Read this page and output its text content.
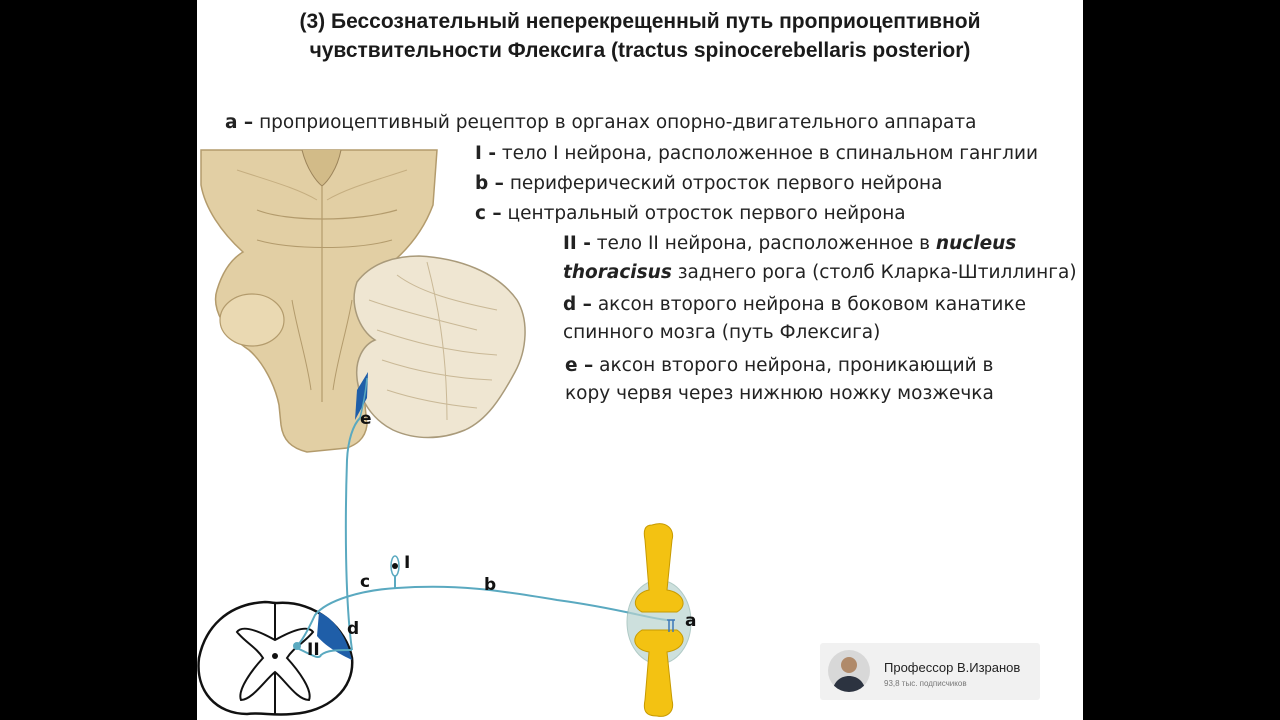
(3) Бессознательный неперекрещенный путь проприоцептивной
чувствительности Флексига (tractus spinocerebellaris posterior)
a – проприоцептивный рецептор в органах опорно-двигательного аппарата
I - тело I нейрона, расположенное в спинальном ганглии
b – периферический отросток первого нейрона
c – центральный отросток первого нейрона
II - тело II нейрона, расположенное в nucleus
thoracisus заднего рога (столб Кларка-Штиллинга)
d – аксон второго нейрона в боковом канатике
спинного мозга (путь Флексига)
e – аксон второго нейрона, проникающий в
кору червя через нижнюю ножку мозжечка
e
d
c
I
b
II
a
Профессор В.Изранов
93,8 тыс. подписчиков
